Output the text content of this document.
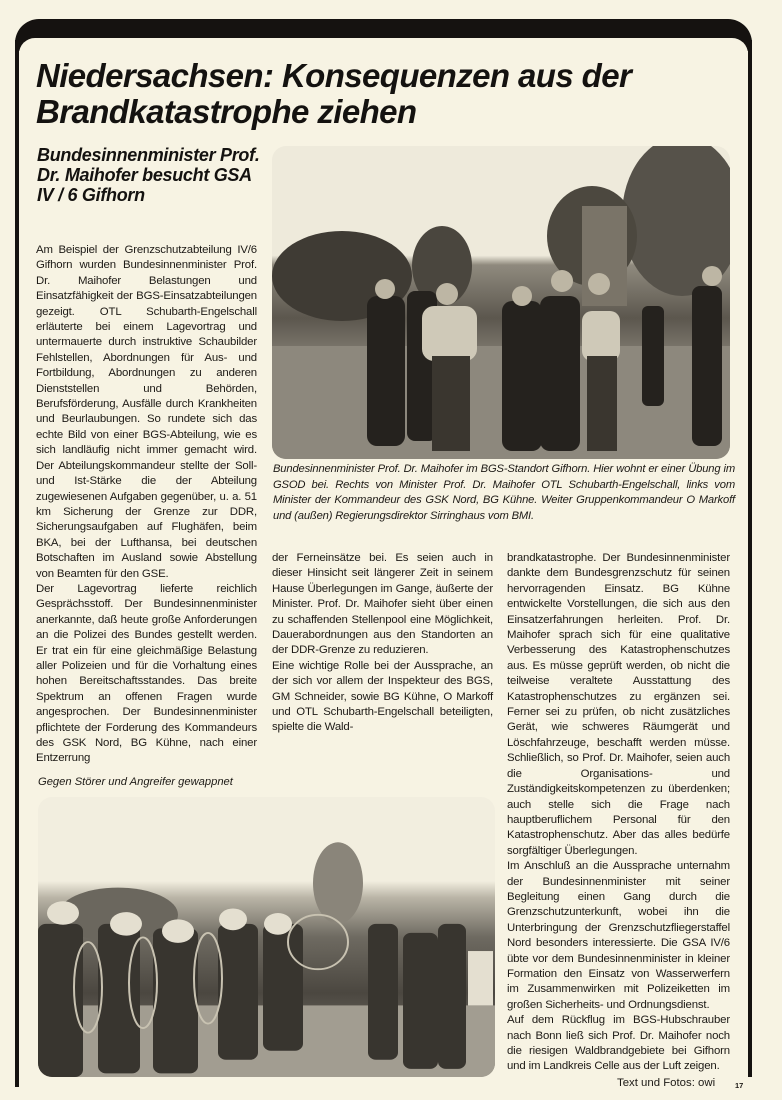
Niedersachsen: Konsequenzen aus der Brandkatastrophe ziehen
Bundesinnenminister Prof. Dr. Maihofer besucht GSA IV / 6 Gifhorn

Am Beispiel der Grenzschutzabteilung IV/6 Gifhorn wurden Bundesinnenminister Prof. Dr. Maihofer Belastungen und Einsatzfähigkeit der BGS-Einsatzabteilungen gezeigt. OTL Schubarth-Engelschall erläuterte bei einem Lagevortrag und untermauerte durch instruktive Schaubilder Fehlstellen, Abordnungen für Aus- und Fortbildung, Abordnungen zu anderen Dienststellen und Behörden, Berufsförderung, Ausfälle durch Krankheiten und Beurlaubungen. So rundete sich das echte Bild von einer BGS-Abteilung, wie es sich landläufig nicht immer gemacht wird. Der Abteilungskommandeur stellte der Soll- und Ist-Stärke die der Abteilung zugewiesenen Aufgaben gegenüber, u. a. 51 km Sicherung der Grenze zur DDR, Sicherungsaufgaben auf Flughäfen, beim BKA, bei der Lufthansa, bei deutschen Botschaften im Ausland sowie Abstellung von Beamten für den GSE.

Der Lagevortrag lieferte reichlich Gesprächsstoff. Der Bundesinnenminister anerkannte, daß heute große Anforderungen an die Polizei des Bundes gestellt werden. Er trat ein für eine gleichmäßige Belastung aller Polizeien und für die Vorhaltung eines hohen Bereitschaftsstandes. Das breite Spektrum an offenen Fragen wurde angesprochen. Der Bundesinnenminister pflichtete der Forderung des Kommandeurs des GSK Nord, BG Kühne, nach einer Entzerrung

Gegen Störer und Angreifer gewappnet

Bundesinnenminister Prof. Dr. Maihofer im BGS-Standort Gifhorn. Hier wohnt er einer Übung im GSOD bei. Rechts von Minister Prof. Dr. Maihofer OTL Schubarth-Engelschall, links vom Minister der Kommandeur des GSK Nord, BG Kühne. Weiter Gruppenkommandeur O Markoff und (außen) Regierungsdirektor Sirringhaus vom BMI.

der Ferneinsätze bei. Es seien auch in dieser Hinsicht seit längerer Zeit in seinem Hause Überlegungen im Gange, äußerte der Minister. Prof. Dr. Maihofer sieht über einen zu schaffenden Stellenpool eine Möglichkeit, Dauerabordnungen aus den Standorten an der DDR-Grenze zu reduzieren.

Eine wichtige Rolle bei der Aussprache, an der sich vor allem der Inspekteur des BGS, GM Schneider, sowie BG Kühne, O Markoff und OTL Schubarth-Engelschall beteiligten, spielte die Wald-

brandkatastrophe. Der Bundesinnenminister dankte dem Bundesgrenzschutz für seinen hervorragenden Einsatz. BG Kühne entwickelte Vorstellungen, die sich aus den Einsatzerfahrungen herleiten. Prof. Dr. Maihofer sprach sich für eine qualitative Verbesserung des Katastrophenschutzes aus. Es müsse geprüft werden, ob nicht die teilweise veraltete Ausstattung des Katastrophenschutzes zu ergänzen sei. Ferner sei zu prüfen, ob nicht zusätzliches Gerät, wie schweres Räumgerät und Löschfahrzeuge, beschafft werden müsse. Schließlich, so Prof. Dr. Maihofer, seien auch die Organisations- und Zuständigkeitskompetenzen zu überdenken; auch stelle sich die Frage nach hauptberuflichem Personal für den Katastrophenschutz. Aber das alles bedürfe sorgfältiger Überlegungen.

Im Anschluß an die Aussprache unternahm der Bundesinnenminister mit seiner Begleitung einen Gang durch die Grenzschutzunterkunft, wobei ihn die Unterbringung der Grenzschutzfliegerstaffel Nord besonders interessierte. Die GSA IV/6 übte vor dem Bundesinnenminister in kleiner Formation den Einsatz von Wasserwerfern im Zusammenwirken mit Polizeiketten im großen Sicherheits- und Ordnungsdienst.

Auf dem Rückflug im BGS-Hubschrauber nach Bonn ließ sich Prof. Dr. Maihofer noch die riesigen Waldbrandgebiete bei Gifhorn und im Landkreis Celle aus der Luft zeigen.

Text und Fotos: owi	17
